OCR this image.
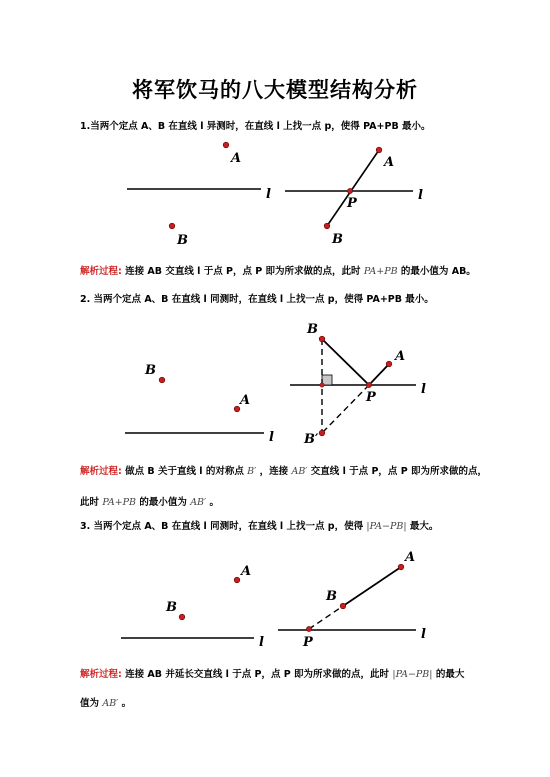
将军饮马的八大模型结构分析
1.当两个定点 A、B 在直线 l 异测时，在直线 l 上找一点 p，使得 PA+PB 最小。
A
B
l
A
B
P
l
B
A
l
B
A
P
l
B′
A
B
l
A
B
P
l
解析过程: 连接 AB 交直线 l 于点 P，点 P 即为所求做的点，此时 PA+PB 的最小值为 AB。
2. 当两个定点 A、B 在直线 l 同测时，在直线 l 上找一点 p，使得 PA+PB 最小。
解析过程: 做点 B 关于直线 l 的对称点 B′ ，连接 AB′ 交直线 l 于点 P，点 P 即为所求做的点，
此时 PA+PB 的最小值为 AB′ 。
3. 当两个定点 A、B 在直线 l 同测时，在直线 l 上找一点 p，使得 |PA−PB| 最大。
解析过程: 连接 AB 并延长交直线 l 于点 P，点 P 即为所求做的点，此时 |PA−PB| 的最大
值为 AB′ 。
